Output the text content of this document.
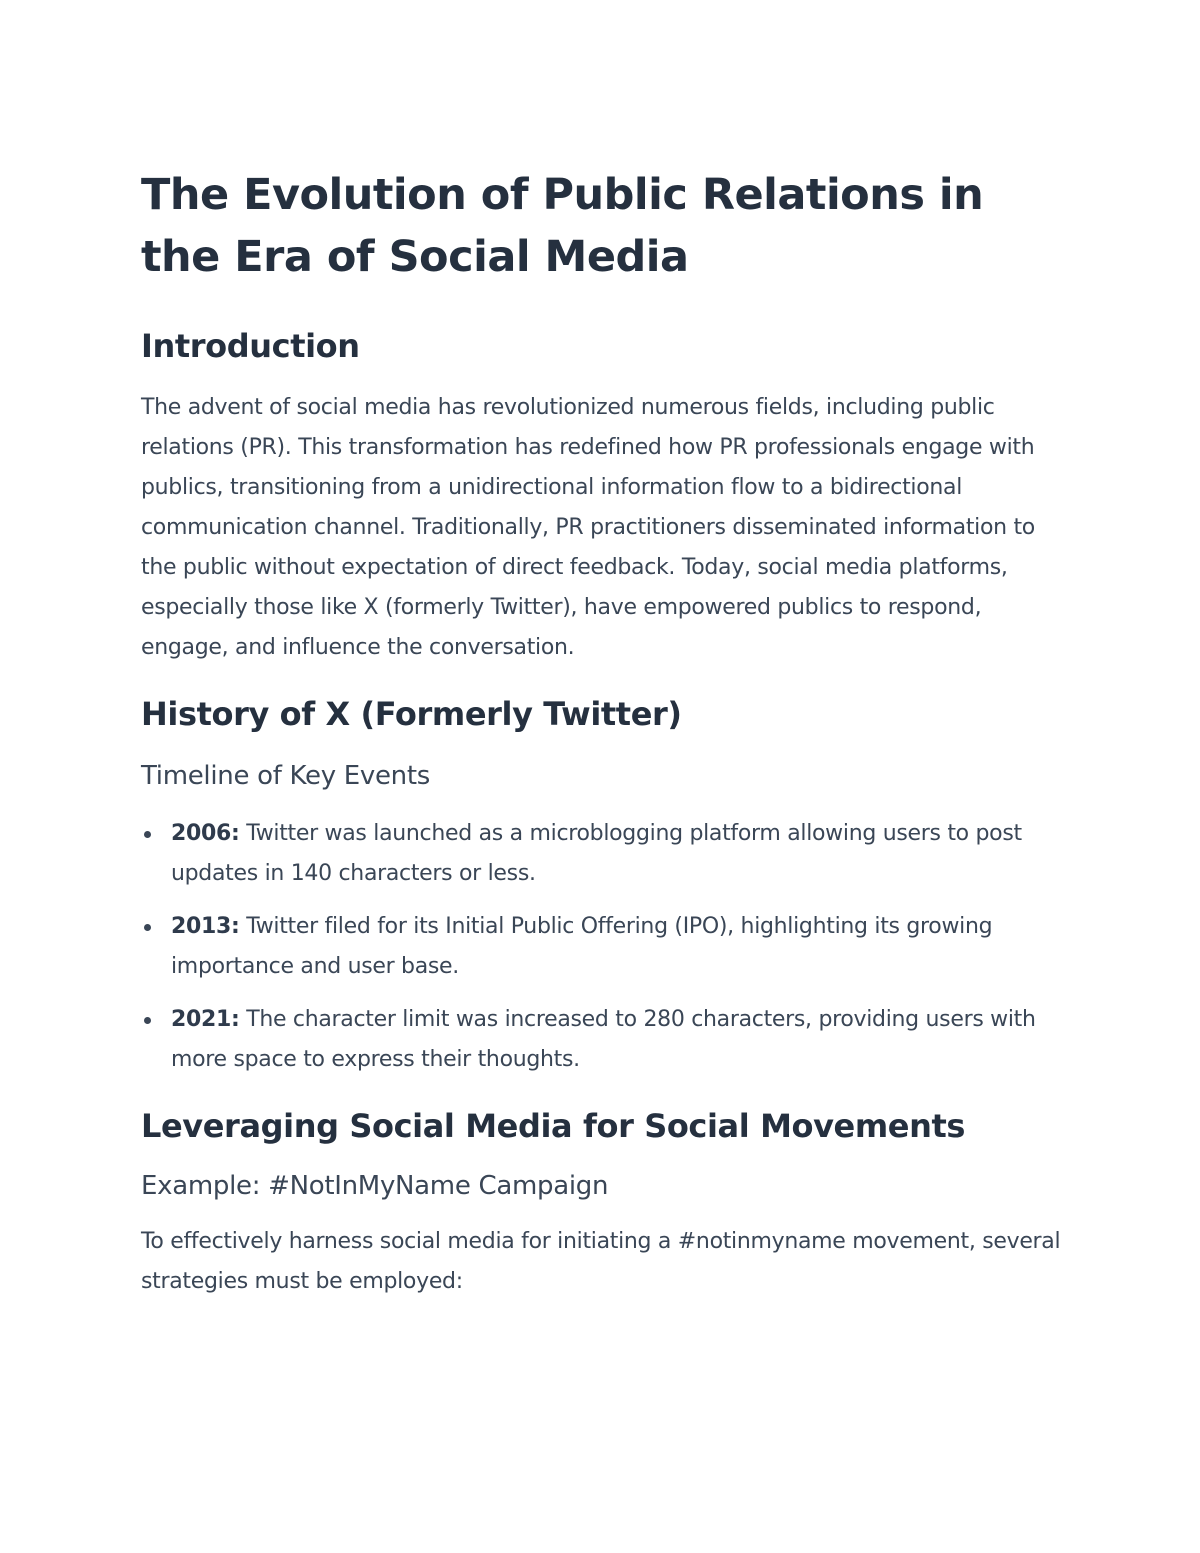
The Evolution of Public Relations in the Era of Social Media
Introduction

The advent of social media has revolutionized numerous fields, including public relations (PR). This transformation has redefined how PR professionals engage with publics, transitioning from a unidirectional information flow to a bidirectional communication channel. Traditionally, PR practitioners disseminated information to the public without expectation of direct feedback. Today, social media platforms, especially those like X (formerly Twitter), have empowered publics to respond, engage, and influence the conversation.

History of X (Formerly Twitter)
Timeline of Key Events
2006: Twitter was launched as a microblogging platform allowing users to post updates in 140 characters or less.
2013: Twitter filed for its Initial Public Offering (IPO), highlighting its growing importance and user base.
2021: The character limit was increased to 280 characters, providing users with more space to express their thoughts.
Leveraging Social Media for Social Movements
Example: #NotInMyName Campaign

To effectively harness social media for initiating a #notinmyname movement, several strategies must be employed:
